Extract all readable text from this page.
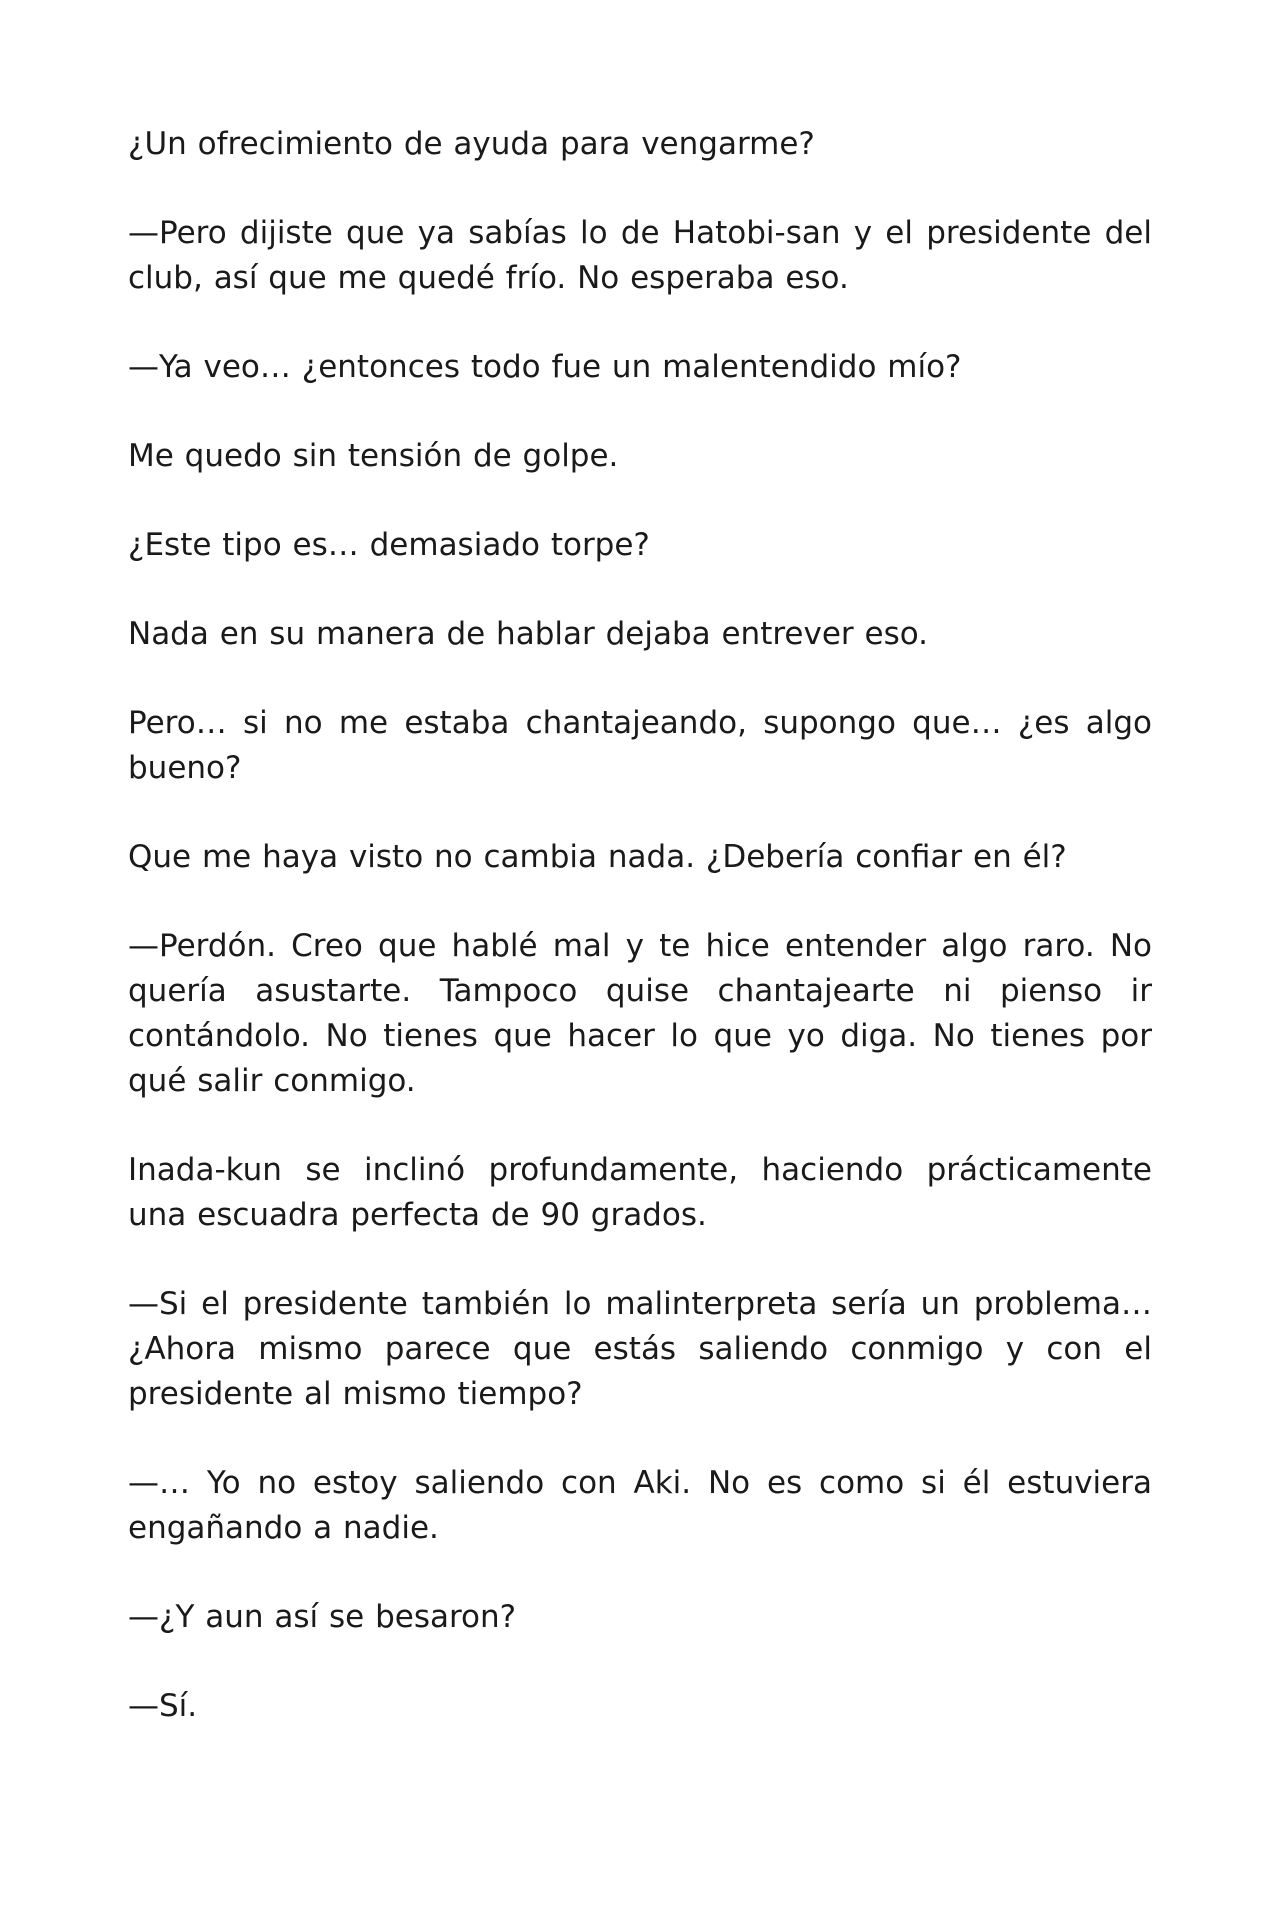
¿Un ofrecimiento de ayuda para vengarme?

—Pero dijiste que ya sabías lo de Hatobi-san y el presidente del club, así que me quedé frío. No esperaba eso.

—Ya veo… ¿entonces todo fue un malentendido mío?

Me quedo sin tensión de golpe.

¿Este tipo es… demasiado torpe?

Nada en su manera de hablar dejaba entrever eso.

Pero… si no me estaba chantajeando, supongo que… ¿es algo bueno?

Que me haya visto no cambia nada. ¿Debería confiar en él?

—Perdón. Creo que hablé mal y te hice entender algo raro. No quería asustarte. Tampoco quise chantajearte ni pienso ir contándolo. No tienes que hacer lo que yo diga. No tienes por qué salir conmigo.

Inada-kun se inclinó profundamente, haciendo prácticamente una escuadra perfecta de 90 grados.

—Si el presidente también lo malinterpreta sería un problema… ¿Ahora mismo parece que estás saliendo conmigo y con el presidente al mismo tiempo?

—… Yo no estoy saliendo con Aki. No es como si él estuviera engañando a nadie.

—¿Y aun así se besaron?

—Sí.
